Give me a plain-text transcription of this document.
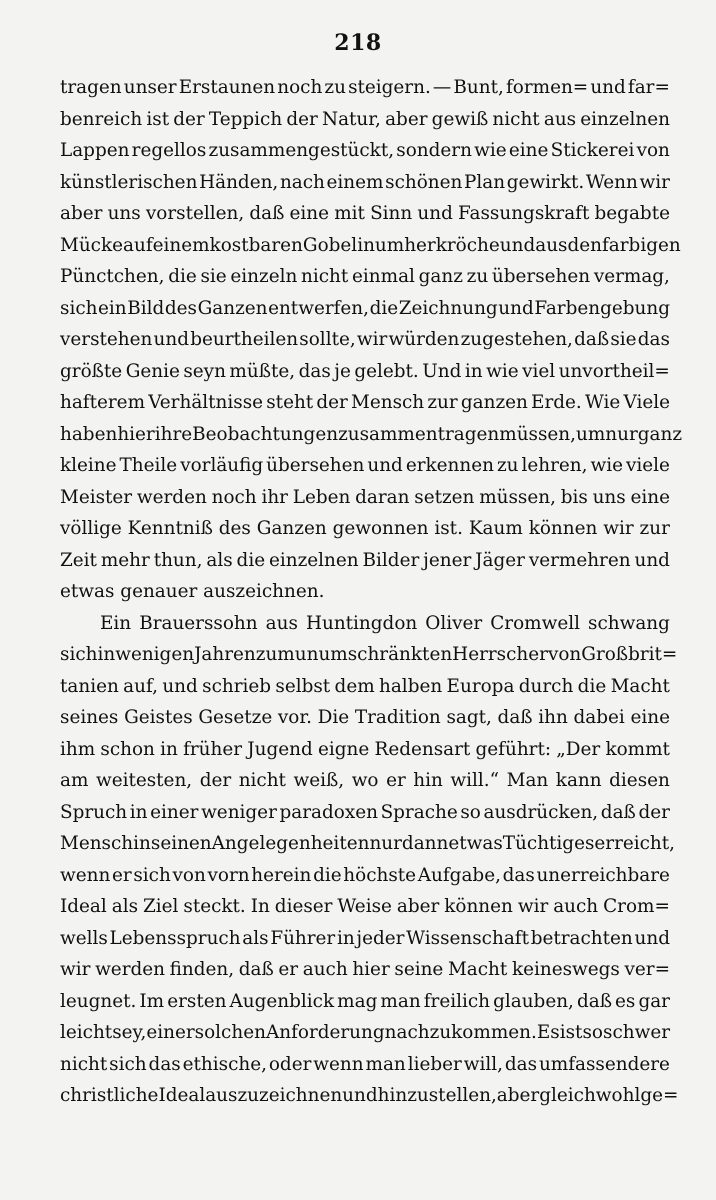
218
tragen unser Erstaunen noch zu steigern. — Bunt, formen= und far=
benreich ist der Teppich der Natur, aber gewiß nicht aus einzelnen
Lappen regellos zusammengestückt, sondern wie eine Stickerei von
künstlerischen Händen, nach einem schönen Plan gewirkt. Wenn wir
aber uns vorstellen, daß eine mit Sinn und Fassungskraft begabte
Mücke auf einem kostbaren Gobelin umherkröche und aus den farbigen
Pünctchen, die sie einzeln nicht einmal ganz zu übersehen vermag,
sich ein Bild des Ganzen entwerfen, die Zeichnung und Farbengebung
verstehen und beurtheilen sollte, wir würden zugestehen, daß sie das
größte Genie seyn müßte, das je gelebt. Und in wie viel unvortheil=
hafterem Verhältnisse steht der Mensch zur ganzen Erde. Wie Viele
haben hier ihre Beobachtungen zusammentragen müssen, um nur ganz
kleine Theile vorläufig übersehen und erkennen zu lehren, wie viele
Meister werden noch ihr Leben daran setzen müssen, bis uns eine
völlige Kenntniß des Ganzen gewonnen ist. Kaum können wir zur
Zeit mehr thun, als die einzelnen Bilder jener Jäger vermehren und
etwas genauer auszeichnen.
Ein Brauerssohn aus Huntingdon Oliver Cromwell schwang
sich in wenigen Jahren zum unumschränkten Herrscher von Großbrit=
tanien auf, und schrieb selbst dem halben Europa durch die Macht
seines Geistes Gesetze vor. Die Tradition sagt, daß ihn dabei eine
ihm schon in früher Jugend eigne Redensart geführt: „Der kommt
am weitesten, der nicht weiß, wo er hin will.“ Man kann diesen
Spruch in einer weniger paradoxen Sprache so ausdrücken, daß der
Mensch in seinen Angelegenheiten nur dann etwas Tüchtiges erreicht,
wenn er sich von vorn herein die höchste Aufgabe, das unerreichbare
Ideal als Ziel steckt. In dieser Weise aber können wir auch Crom=
wells Lebensspruch als Führer in jeder Wissenschaft betrachten und
wir werden finden, daß er auch hier seine Macht keineswegs ver=
leugnet. Im ersten Augenblick mag man freilich glauben, daß es gar
leicht sey, einer solchen Anforderung nachzukommen. Es ist so schwer
nicht sich das ethische, oder wenn man lieber will, das umfassendere
christliche Ideal auszuzeichnen und hinzustellen, aber gleichwohl ge=
